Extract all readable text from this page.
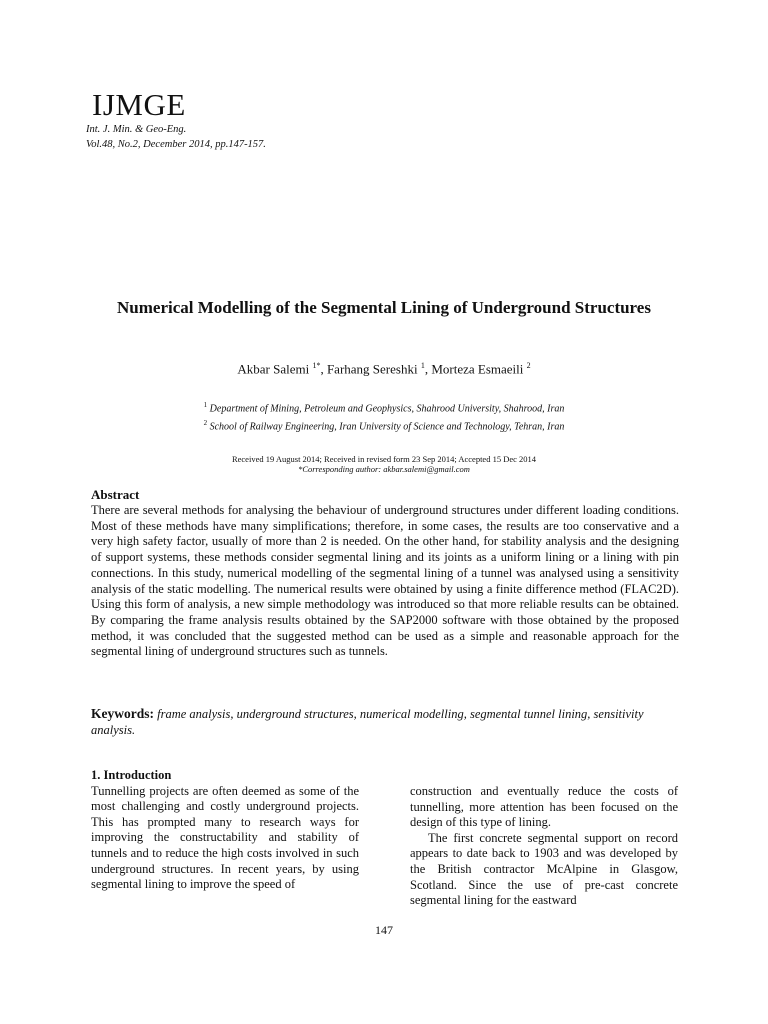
IJMGE
Int. J. Min. & Geo-Eng.
Vol.48, No.2, December 2014, pp.147-157.
Numerical Modelling of the Segmental Lining of Underground Structures
Akbar Salemi $^{1*}$, Farhang Sereshki $^1$, Morteza Esmaeili $^2$
$^1$ Department of Mining, Petroleum and Geophysics, Shahrood University, Shahrood, Iran
$^2$ School of Railway Engineering, Iran University of Science and Technology, Tehran, Iran
Received 19 August 2014; Received in revised form 23 Sep 2014; Accepted 15 Dec 2014
*Corresponding author: akbar.salemi@gmail.com
Abstract

There are several methods for analysing the behaviour of underground structures under different loading conditions. Most of these methods have many simplifications; therefore, in some cases, the results are too conservative and a very high safety factor, usually of more than 2 is needed. On the other hand, for stability analysis and the designing of support systems, these methods consider segmental lining and its joints as a uniform lining or a lining with pin connections. In this study, numerical modelling of the segmental lining of a tunnel was analysed using a sensitivity analysis of the static modelling. The numerical results were obtained by using a finite difference method (FLAC2D). Using this form of analysis, a new simple methodology was introduced so that more reliable results can be obtained. By comparing the frame analysis results obtained by the SAP2000 software with those obtained by the proposed method, it was concluded that the suggested method can be used as a simple and reasonable approach for the segmental lining of underground structures such as tunnels.

Keywords: frame analysis, underground structures, numerical modelling, segmental tunnel lining, sensitivity analysis.
1. Introduction

Tunnelling projects are often deemed as some of the most challenging and costly underground projects. This has prompted many to research ways for improving the constructability and stability of tunnels and to reduce the high costs involved in such underground structures. In recent years, by using segmental lining to improve the speed of

construction and eventually reduce the costs of tunnelling, more attention has been focused on the design of this type of lining.

The first concrete segmental support on record appears to date back to 1903 and was developed by the British contractor McAlpine in Glasgow, Scotland. Since the use of pre-cast concrete segmental lining for the eastward

147
